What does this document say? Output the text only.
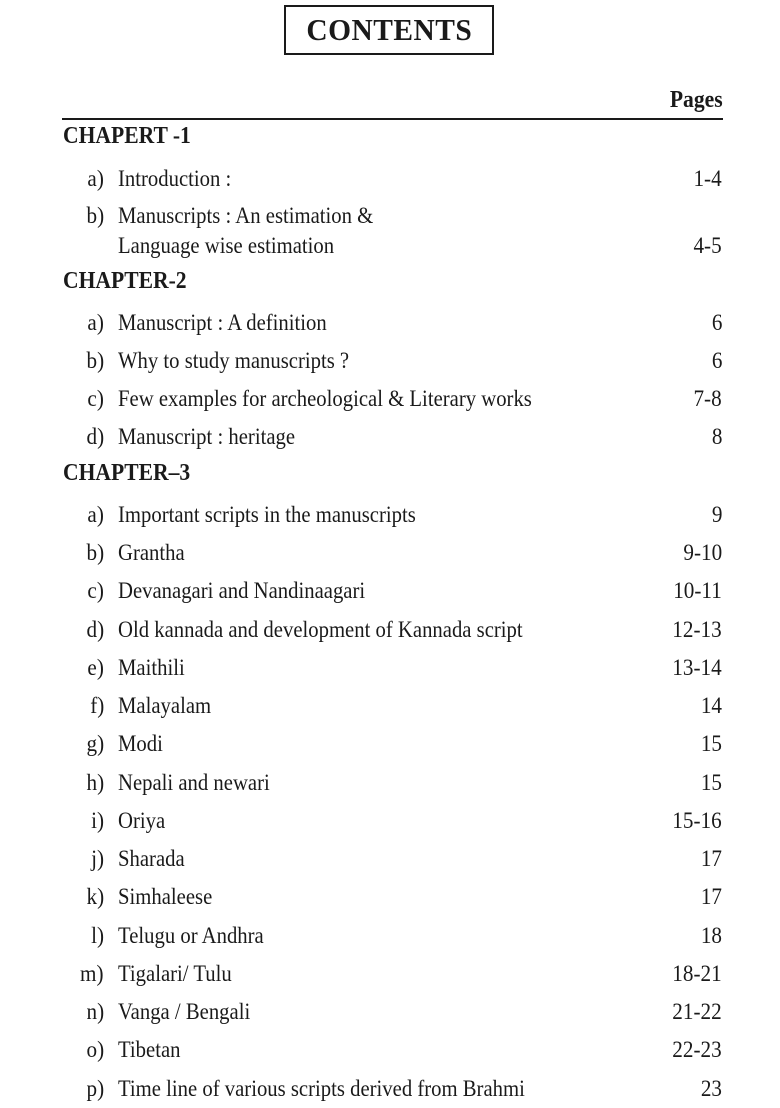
CONTENTS
Pages
CHAPERT -1
a) Introduction :	1-4
b) Manuscripts : An estimation &
Language wise estimation	4-5
CHAPTER-2
a) Manuscript : A definition	6
b) Why to study manuscripts ?	6
c) Few examples for archeological & Literary works	7-8
d) Manuscript : heritage	8
CHAPTER–3
a) Important scripts in the manuscripts	9
b) Grantha	9-10
c) Devanagari and Nandinaagari	10-11
d) Old kannada and development of Kannada script	12-13
e) Maithili	13-14
f) Malayalam	14
g) Modi	15
h) Nepali and newari	15
i) Oriya	15-16
j) Sharada	17
k) Simhaleese	17
l) Telugu or Andhra	18
m) Tigalari/ Tulu	18-21
n) Vanga / Bengali	21-22
o) Tibetan	22-23
p) Time line of various scripts derived from Brahmi	23
